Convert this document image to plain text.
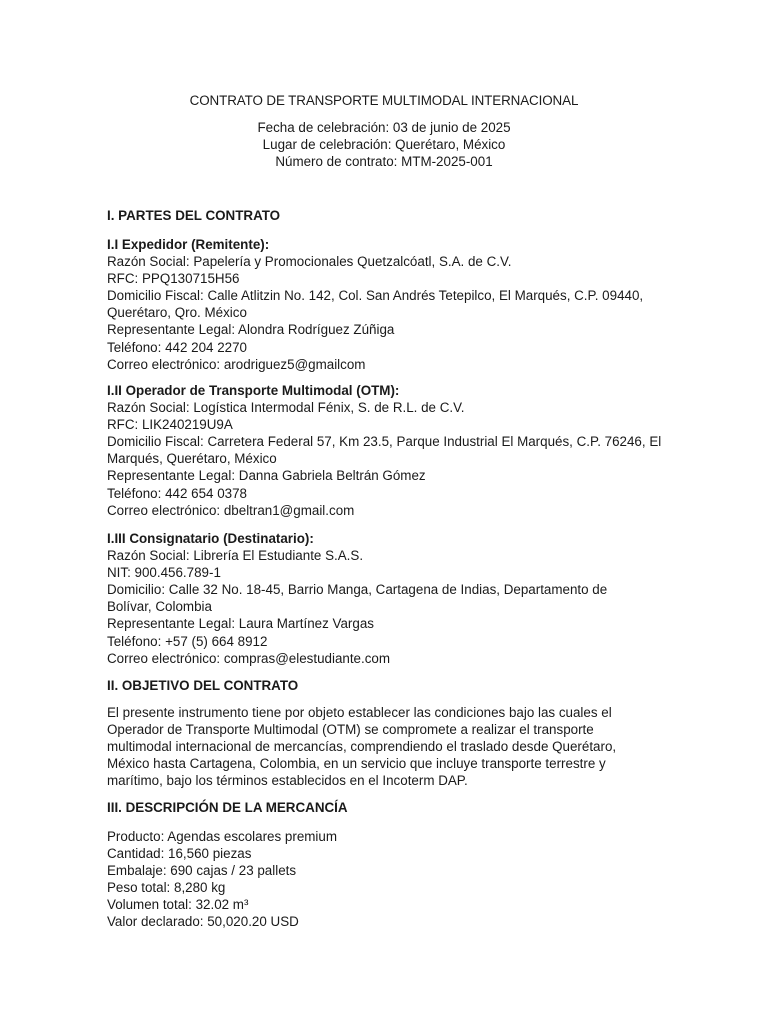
CONTRATO DE TRANSPORTE MULTIMODAL INTERNACIONAL
Fecha de celebración: 03 de junio de 2025
Lugar de celebración: Querétaro, México
Número de contrato: MTM-2025-001
I. PARTES DEL CONTRATO
I.I Expedidor (Remitente):
Razón Social: Papelería y Promocionales Quetzalcóatl, S.A. de C.V.
RFC: PPQ130715H56
Domicilio Fiscal: Calle Atlitzin No. 142, Col. San Andrés Tetepilco, El Marqués, C.P. 09440,
Querétaro, Qro. México
Representante Legal: Alondra Rodríguez Zúñiga
Teléfono: 442 204 2270
Correo electrónico: arodriguez5@gmailcom
I.II Operador de Transporte Multimodal (OTM):
Razón Social: Logística Intermodal Fénix, S. de R.L. de C.V.
RFC: LIK240219U9A
Domicilio Fiscal: Carretera Federal 57, Km 23.5, Parque Industrial El Marqués, C.P. 76246, El
Marqués, Querétaro, México
Representante Legal: Danna Gabriela Beltrán Gómez
Teléfono: 442 654 0378
Correo electrónico: dbeltran1@gmail.com
I.III Consignatario (Destinatario):
Razón Social: Librería El Estudiante S.A.S.
NIT: 900.456.789-1
Domicilio: Calle 32 No. 18-45, Barrio Manga, Cartagena de Indias, Departamento de
Bolívar, Colombia
Representante Legal: Laura Martínez Vargas
Teléfono: +57 (5) 664 8912
Correo electrónico: compras@elestudiante.com
II. OBJETIVO DEL CONTRATO
El presente instrumento tiene por objeto establecer las condiciones bajo las cuales el
Operador de Transporte Multimodal (OTM) se compromete a realizar el transporte
multimodal internacional de mercancías, comprendiendo el traslado desde Querétaro,
México hasta Cartagena, Colombia, en un servicio que incluye transporte terrestre y
marítimo, bajo los términos establecidos en el Incoterm DAP.
III. DESCRIPCIÓN DE LA MERCANCÍA
Producto: Agendas escolares premium
Cantidad: 16,560 piezas
Embalaje: 690 cajas / 23 pallets
Peso total: 8,280 kg
Volumen total: 32.02 m³
Valor declarado: 50,020.20 USD
